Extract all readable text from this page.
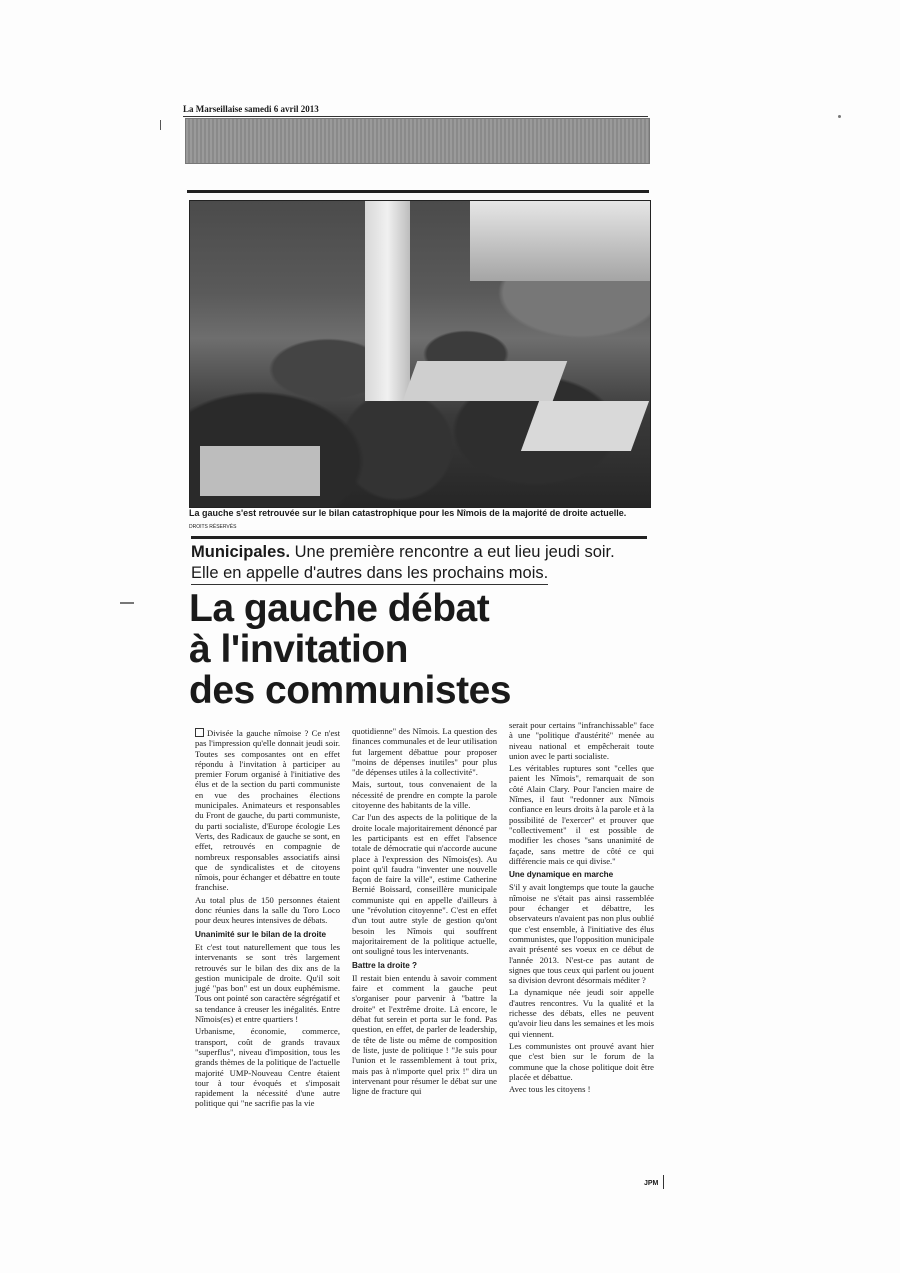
La Marseillaise samedi 6 avril 2013
La gauche s'est retrouvée sur le bilan catastrophique pour les Nîmois de la majorité de droite actuelle.
DROITS RÉSERVÉS
Municipales. Une première rencontre a eut lieu jeudi soir.
Elle en appelle d'autres dans les prochains mois.
La gauche débat
à l'invitation
des communistes

Divisée la gauche nîmoise ? Ce n'est pas l'impression qu'elle donnait jeudi soir. Toutes ses composantes ont en effet répondu à l'invitation à participer au premier Forum organisé à l'initiative des élus et de la section du parti communiste en vue des prochaines élections municipales. Animateurs et responsables du Front de gauche, du parti communiste, du parti socialiste, d'Europe écologie Les Verts, des Radicaux de gauche se sont, en effet, retrouvés en compagnie de nombreux responsables associatifs ainsi que de syndicalistes et de citoyens nîmois, pour échanger et débattre en toute franchise.

Au total plus de 150 personnes étaient donc réunies dans la salle du Toro Loco pour deux heures intensives de débats.

Unanimité sur le bilan de la droite

Et c'est tout naturellement que tous les intervenants se sont très largement retrouvés sur le bilan des dix ans de la gestion municipale de droite. Qu'il soit jugé "pas bon" est un doux euphémisme. Tous ont pointé son caractère ségrégatif et sa tendance à creuser les inégalités. Entre Nîmois(es) et entre quartiers !

Urbanisme, économie, commerce, transport, coût de grands travaux "superflus", niveau d'imposition, tous les grands thèmes de la politique de l'actuelle majorité UMP-Nouveau Centre étaient tour à tour évoqués et s'imposait rapidement la nécessité d'une autre politique qui "ne sacrifie pas la vie

quotidienne" des Nîmois. La question des finances communales et de leur utilisation fut largement débattue pour proposer "moins de dépenses inutiles" pour plus "de dépenses utiles à la collectivité".

Mais, surtout, tous convenaient de la nécessité de prendre en compte la parole citoyenne des habitants de la ville.

Car l'un des aspects de la politique de la droite locale majoritairement dénoncé par les participants est en effet l'absence totale de démocratie qui n'accorde aucune place à l'expression des Nîmois(es). Au point qu'il faudra "inventer une nouvelle façon de faire la ville", estime Catherine Bernié Boissard, conseillère municipale communiste qui en appelle d'ailleurs à une "révolution citoyenne". C'est en effet d'un tout autre style de gestion qu'ont besoin les Nîmois qui souffrent majoritairement de la politique actuelle, ont souligné tous les intervenants.

Battre la droite ?

Il restait bien entendu à savoir comment faire et comment la gauche peut s'organiser pour parvenir à "battre la droite" et l'extrême droite. Là encore, le débat fut serein et porta sur le fond. Pas question, en effet, de parler de leadership, de tête de liste ou même de composition de liste, juste de politique ! "Je suis pour l'union et le rassemblement à tout prix, mais pas à n'importe quel prix !" dira un intervenant pour résumer le débat sur une ligne de fracture qui

serait pour certains "infranchissable" face à une "politique d'austérité" menée au niveau national et empêcherait toute union avec le parti socialiste.

Les véritables ruptures sont "celles que paient les Nîmois", remarquait de son côté Alain Clary. Pour l'ancien maire de Nîmes, il faut "redonner aux Nîmois confiance en leurs droits à la parole et à la possibilité de l'exercer" et prouver que "collectivement" il est possible de modifier les choses "sans unanimité de façade, sans mettre de côté ce qui différencie mais ce qui divise."

Une dynamique en marche

S'il y avait longtemps que toute la gauche nîmoise ne s'était pas ainsi rassemblée pour échanger et débattre, les observateurs n'avaient pas non plus oublié que c'est ensemble, à l'initiative des élus communistes, que l'opposition municipale avait présenté ses voeux en ce début de l'année 2013. N'est-ce pas autant de signes que tous ceux qui parlent ou jouent sa division devront désormais méditer ?

La dynamique née jeudi soir appelle d'autres rencontres. Vu la qualité et la richesse des débats, elles ne peuvent qu'avoir lieu dans les semaines et les mois qui viennent.

Les communistes ont prouvé avant hier que c'est bien sur le forum de la commune que la chose politique doit être placée et débattue.

Avec tous les citoyens !

JPM
